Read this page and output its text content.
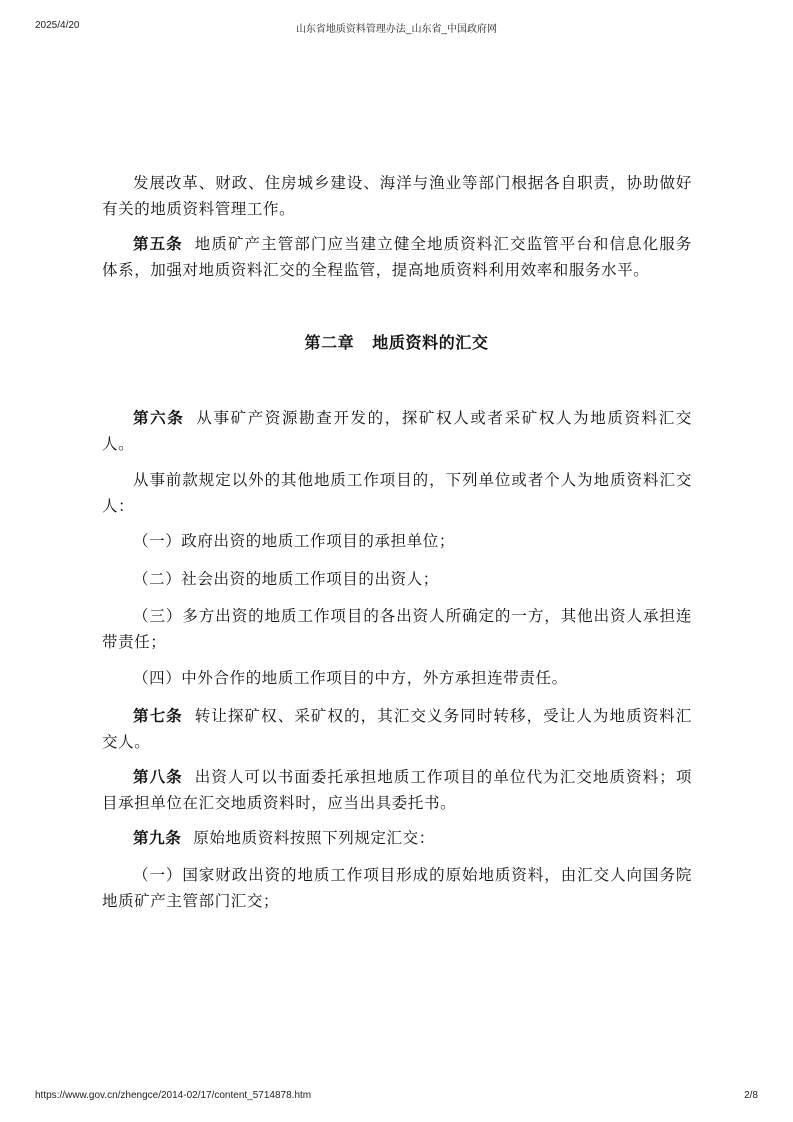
2025/4/20	山东省地质资料管理办法_山东省_中国政府网

发展改革、财政、住房城乡建设、海洋与渔业等部门根据各自职责，协助做好有关的地质资料管理工作。

第五条 地质矿产主管部门应当建立健全地质资料汇交监管平台和信息化服务体系，加强对地质资料汇交的全程监管，提高地质资料利用效率和服务水平。

第二章 地质资料的汇交

第六条 从事矿产资源勘查开发的，探矿权人或者采矿权人为地质资料汇交人。

从事前款规定以外的其他地质工作项目的，下列单位或者个人为地质资料汇交人：

（一）政府出资的地质工作项目的承担单位；

（二）社会出资的地质工作项目的出资人；

（三）多方出资的地质工作项目的各出资人所确定的一方，其他出资人承担连带责任；

（四）中外合作的地质工作项目的中方，外方承担连带责任。

第七条 转让探矿权、采矿权的，其汇交义务同时转移，受让人为地质资料汇交人。

第八条 出资人可以书面委托承担地质工作项目的单位代为汇交地质资料；项目承担单位在汇交地质资料时，应当出具委托书。

第九条 原始地质资料按照下列规定汇交：

（一）国家财政出资的地质工作项目形成的原始地质资料，由汇交人向国务院地质矿产主管部门汇交；

https://www.gov.cn/zhengce/2014-02/17/content_5714878.htm	2/8
